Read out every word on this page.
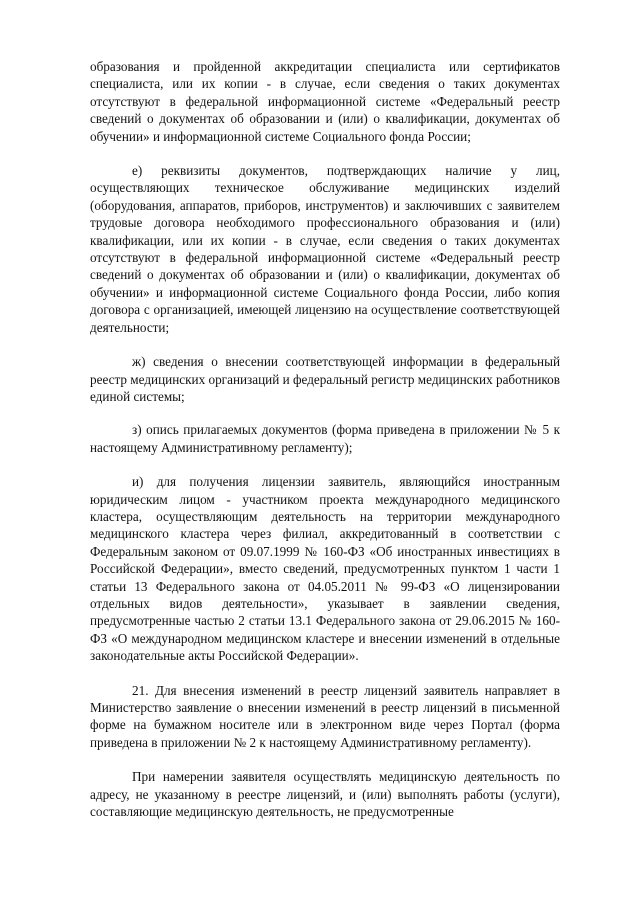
образования и пройденной аккредитации специалиста или сертификатов специалиста, или их копии - в случае, если сведения о таких документах отсутствуют в федеральной информационной системе «Федеральный реестр сведений о документах об образовании и (или) о квалификации, документах об обучении» и информационной системе Социального фонда России;

е) реквизиты документов, подтверждающих наличие у лиц, осуществляющих техническое обслуживание медицинских изделий (оборудования, аппаратов, приборов, инструментов) и заключивших с заявителем трудовые договора необходимого профессионального образования и (или) квалификации, или их копии - в случае, если сведения о таких документах отсутствуют в федеральной информационной системе «Федеральный реестр сведений о документах об образовании и (или) о квалификации, документах об обучении» и информационной системе Социального фонда России, либо копия договора с организацией, имеющей лицензию на осуществление соответствующей деятельности;

ж) сведения о внесении соответствующей информации в федеральный реестр медицинских организаций и федеральный регистр медицинских работников единой системы;

з) опись прилагаемых документов (форма приведена в приложении № 5 к настоящему Административному регламенту);

и) для получения лицензии заявитель, являющийся иностранным юридическим лицом - участником проекта международного медицинского кластера, осуществляющим деятельность на территории международного медицинского кластера через филиал, аккредитованный в соответствии с Федеральным законом от 09.07.1999 № 160-ФЗ «Об иностранных инвестициях в Российской Федерации», вместо сведений, предусмотренных пунктом 1 части 1 статьи 13 Федерального закона от 04.05.2011 № 99-ФЗ «О лицензировании отдельных видов деятельности», указывает в заявлении сведения, предусмотренные частью 2 статьи 13.1 Федерального закона от 29.06.2015 № 160-ФЗ «О международном медицинском кластере и внесении изменений в отдельные законодательные акты Российской Федерации».

21. Для внесения изменений в реестр лицензий заявитель направляет в Министерство заявление о внесении изменений в реестр лицензий в письменной форме на бумажном носителе или в электронном виде через Портал (форма приведена в приложении № 2 к настоящему Административному регламенту).

При намерении заявителя осуществлять медицинскую деятельность по адресу, не указанному в реестре лицензий, и (или) выполнять работы (услуги), составляющие медицинскую деятельность, не предусмотренные
